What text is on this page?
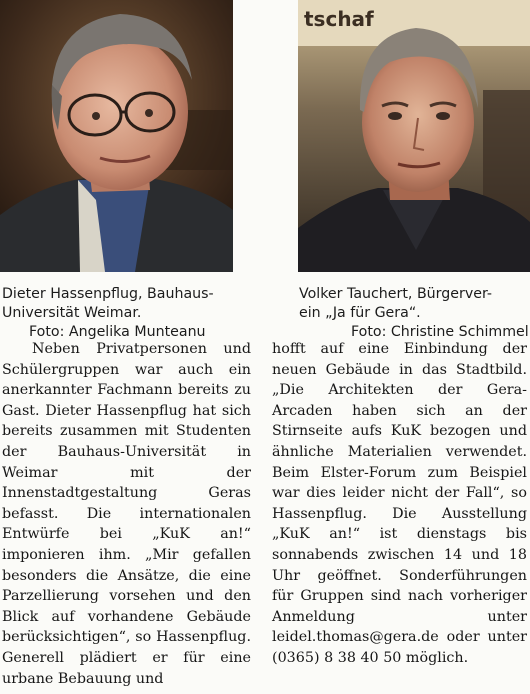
tschaf
Dieter Hassenpflug, Bauhaus-
Universität Weimar.
Foto: Angelika Munteanu
Volker Tauchert, Bürgerver-
ein „Ja für Gera“.
Foto: Christine Schimmel

Neben Privatpersonen und Schülergruppen war auch ein anerkannter Fachmann bereits zu Gast. Dieter Hassenpflug hat sich bereits zusammen mit Studenten der Bauhaus-Universität in Weimar mit der Innenstadtgestaltung Geras befasst. Die internationalen Entwürfe bei „KuK an!“ imponieren ihm. „Mir gefallen besonders die Ansätze, die eine Parzellierung vorsehen und den Blick auf vorhandene Gebäude berücksichtigen“, so Hassenpflug. Generell plädiert er für eine urbane Bebauung und

hofft auf eine Einbindung der neuen Gebäude in das Stadtbild. „Die Architekten der Gera-Arcaden haben sich an der Stirnseite aufs KuK bezogen und ähnliche Materialien verwendet. Beim Elster-Forum zum Beispiel war dies leider nicht der Fall“, so Hassenpflug. Die Ausstellung „KuK an!“ ist dienstags bis sonnabends zwischen 14 und 18 Uhr geöffnet. Sonderführungen für Gruppen sind nach vorheriger Anmeldung unter leidel.thomas@gera.de oder unter (0365) 8 38 40 50 möglich.
